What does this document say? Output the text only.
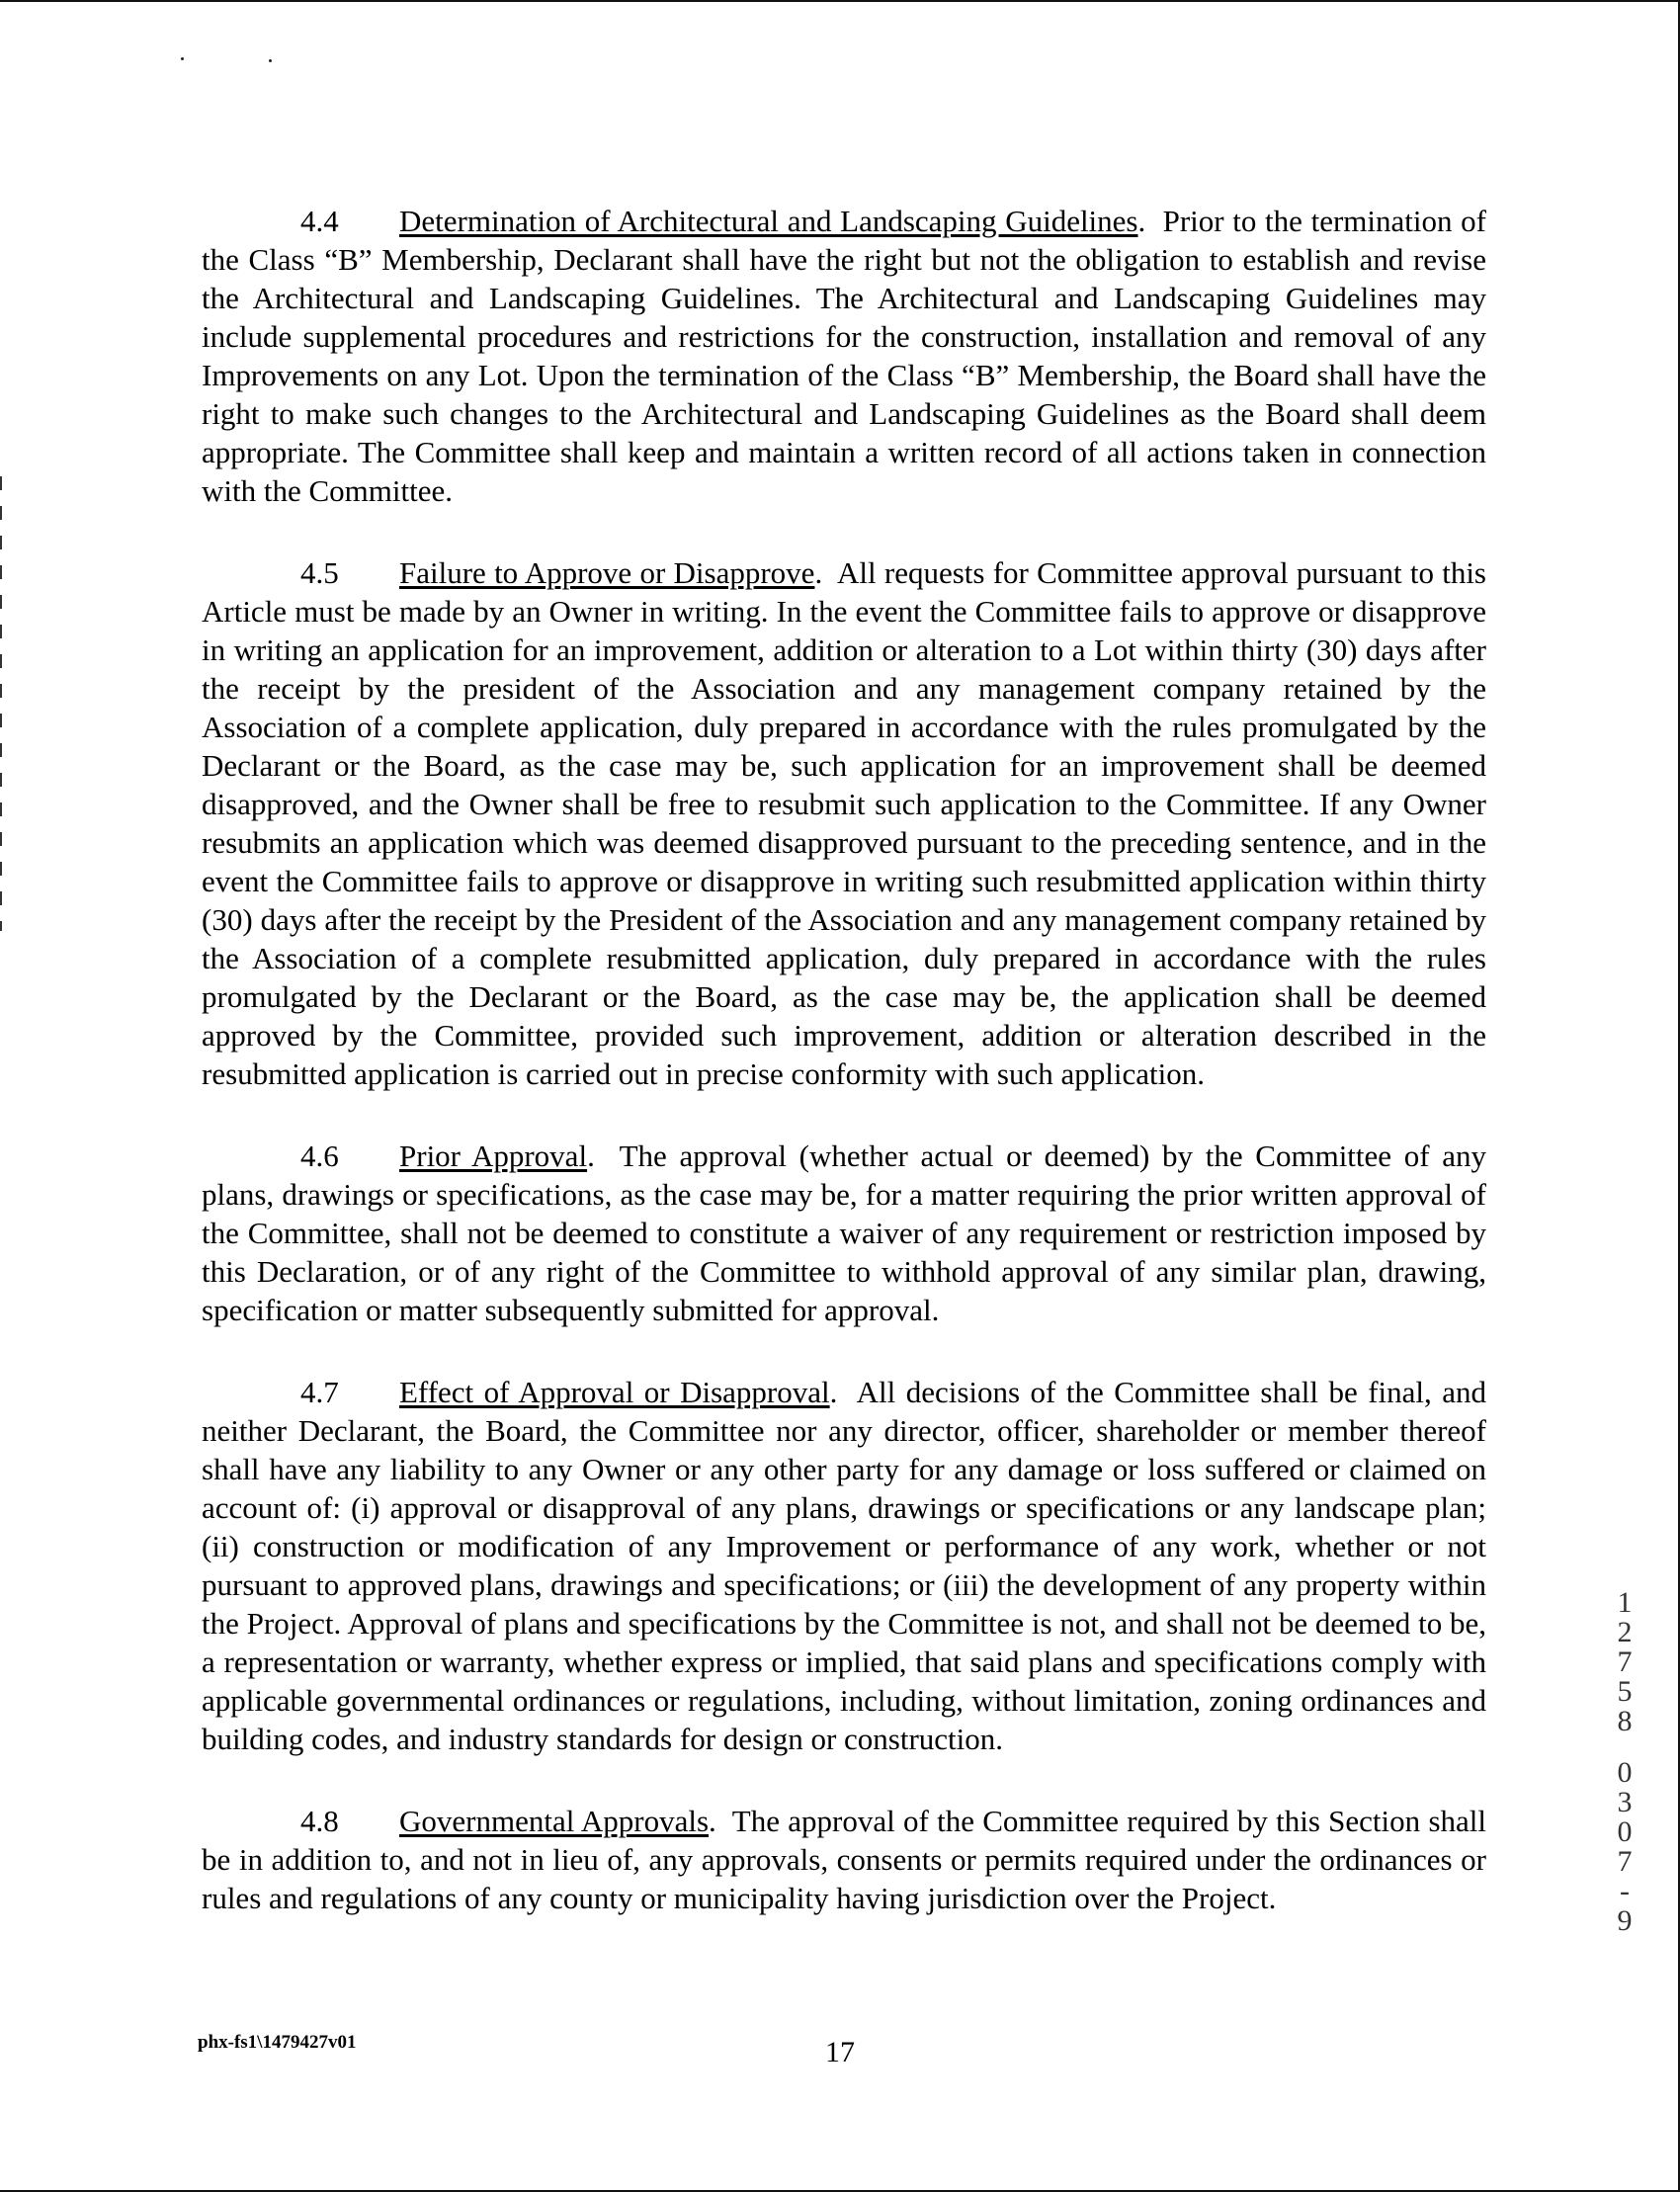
4.4 Determination of Architectural and Landscaping Guidelines.  Prior to the termination of the Class “B” Membership, Declarant shall have the right but not the obligation to establish and revise the Architectural and Landscaping Guidelines. The Architectural and Landscaping Guidelines may include supplemental procedures and restrictions for the construction, installation and removal of any Improvements on any Lot. Upon the termination of the Class “B” Membership, the Board shall have the right to make such changes to the Architectural and Landscaping Guidelines as the Board shall deem appropriate. The Committee shall keep and maintain a written record of all actions taken in connection with the Committee.

4.5 Failure to Approve or Disapprove.  All requests for Committee approval pursuant to this Article must be made by an Owner in writing. In the event the Committee fails to approve or disapprove in writing an application for an improvement, addition or alteration to a Lot within thirty (30) days after the receipt by the president of the Association and any management company retained by the Association of a complete application, duly prepared in accordance with the rules promulgated by the Declarant or the Board, as the case may be, such application for an improvement shall be deemed disapproved, and the Owner shall be free to resubmit such application to the Committee. If any Owner resubmits an application which was deemed disapproved pursuant to the preceding sentence, and in the event the Committee fails to approve or disapprove in writing such resubmitted application within thirty (30) days after the receipt by the President of the Association and any management company retained by the Association of a complete resubmitted application, duly prepared in accordance with the rules promulgated by the Declarant or the Board, as the case may be, the application shall be deemed approved by the Committee, provided such improvement, addition or alteration described in the resubmitted application is carried out in precise conformity with such application.

4.6 Prior Approval.  The approval (whether actual or deemed) by the Committee of any plans, drawings or specifications, as the case may be, for a matter requiring the prior written approval of the Committee, shall not be deemed to constitute a waiver of any requirement or restriction imposed by this Declaration, or of any right of the Committee to withhold approval of any similar plan, drawing, specification or matter subsequently submitted for approval.

4.7 Effect of Approval or Disapproval.  All decisions of the Committee shall be final, and neither Declarant, the Board, the Committee nor any director, officer, shareholder or member thereof shall have any liability to any Owner or any other party for any damage or loss suffered or claimed on account of: (i) approval or disapproval of any plans, drawings or specifications or any landscape plan; (ii) construction or modification of any Improvement or performance of any work, whether or not pursuant to approved plans, drawings and specifications; or (iii) the development of any property within the Project. Approval of plans and specifications by the Committee is not, and shall not be deemed to be, a representation or warranty, whether express or implied, that said plans and specifications comply with applicable governmental ordinances or regulations, including, without limitation, zoning ordinances and building codes, and industry standards for design or construction.

4.8 Governmental Approvals.  The approval of the Committee required by this Section shall be in addition to, and not in lieu of, any approvals, consents or permits required under the ordinances or rules and regulations of any county or municipality having jurisdiction over the Project.

12758
0307-9
phx-fs1\1479427v01	17
